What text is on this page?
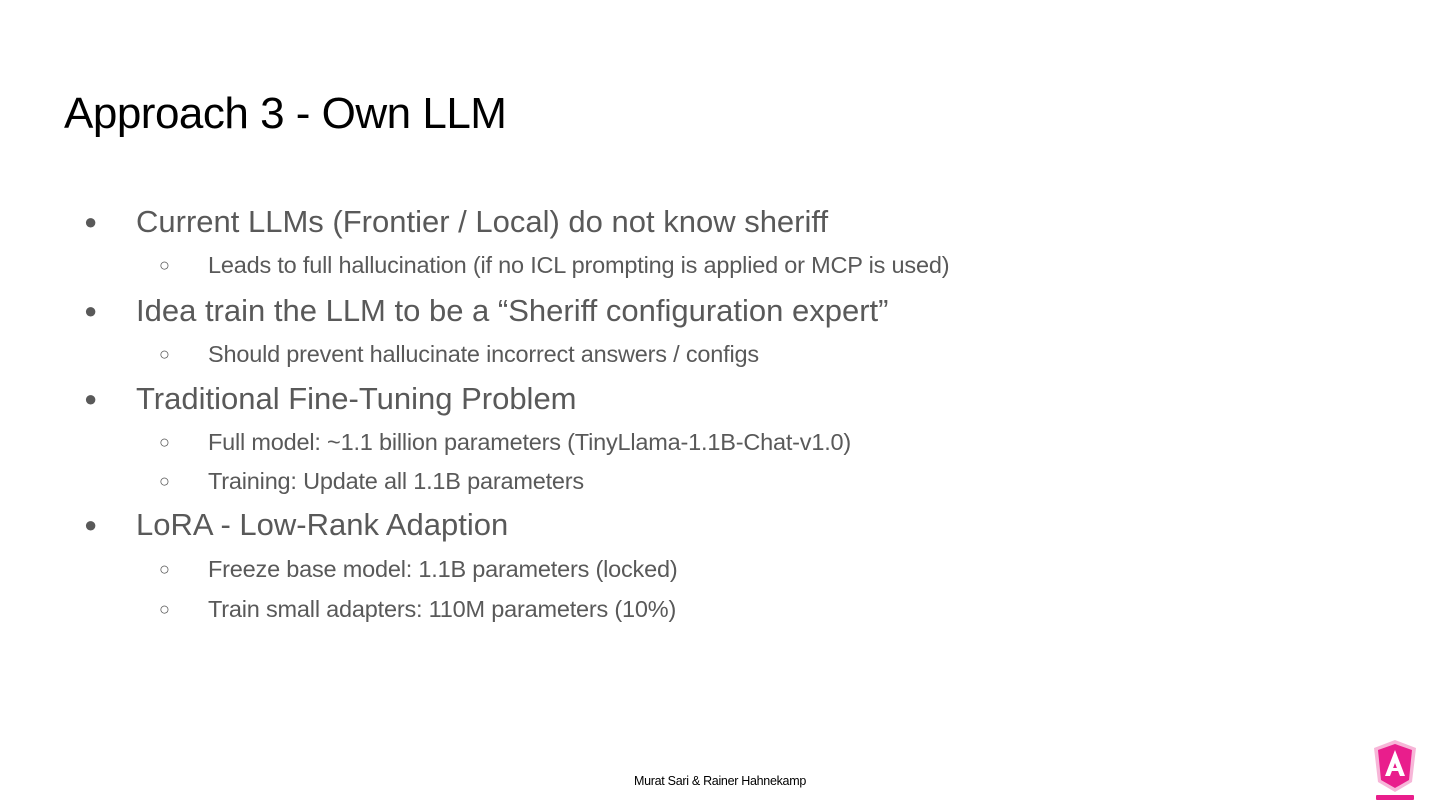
Approach 3 - Own LLM
● Current LLMs (Frontier / Local) do not know sheriff
○ Leads to full hallucination (if no ICL prompting is applied or MCP is used)
● Idea train the LLM to be a “Sheriff configuration expert”
○ Should prevent hallucinate incorrect answers / configs
● Traditional Fine-Tuning Problem
○ Full model: ~1.1 billion parameters (TinyLlama-1.1B-Chat-v1.0)
○ Training: Update all 1.1B parameters
● LoRA - Low-Rank Adaption
○ Freeze base model: 1.1B parameters (locked)
○ Train small adapters: 110M parameters (10%)
Murat Sari & Rainer Hahnekamp
